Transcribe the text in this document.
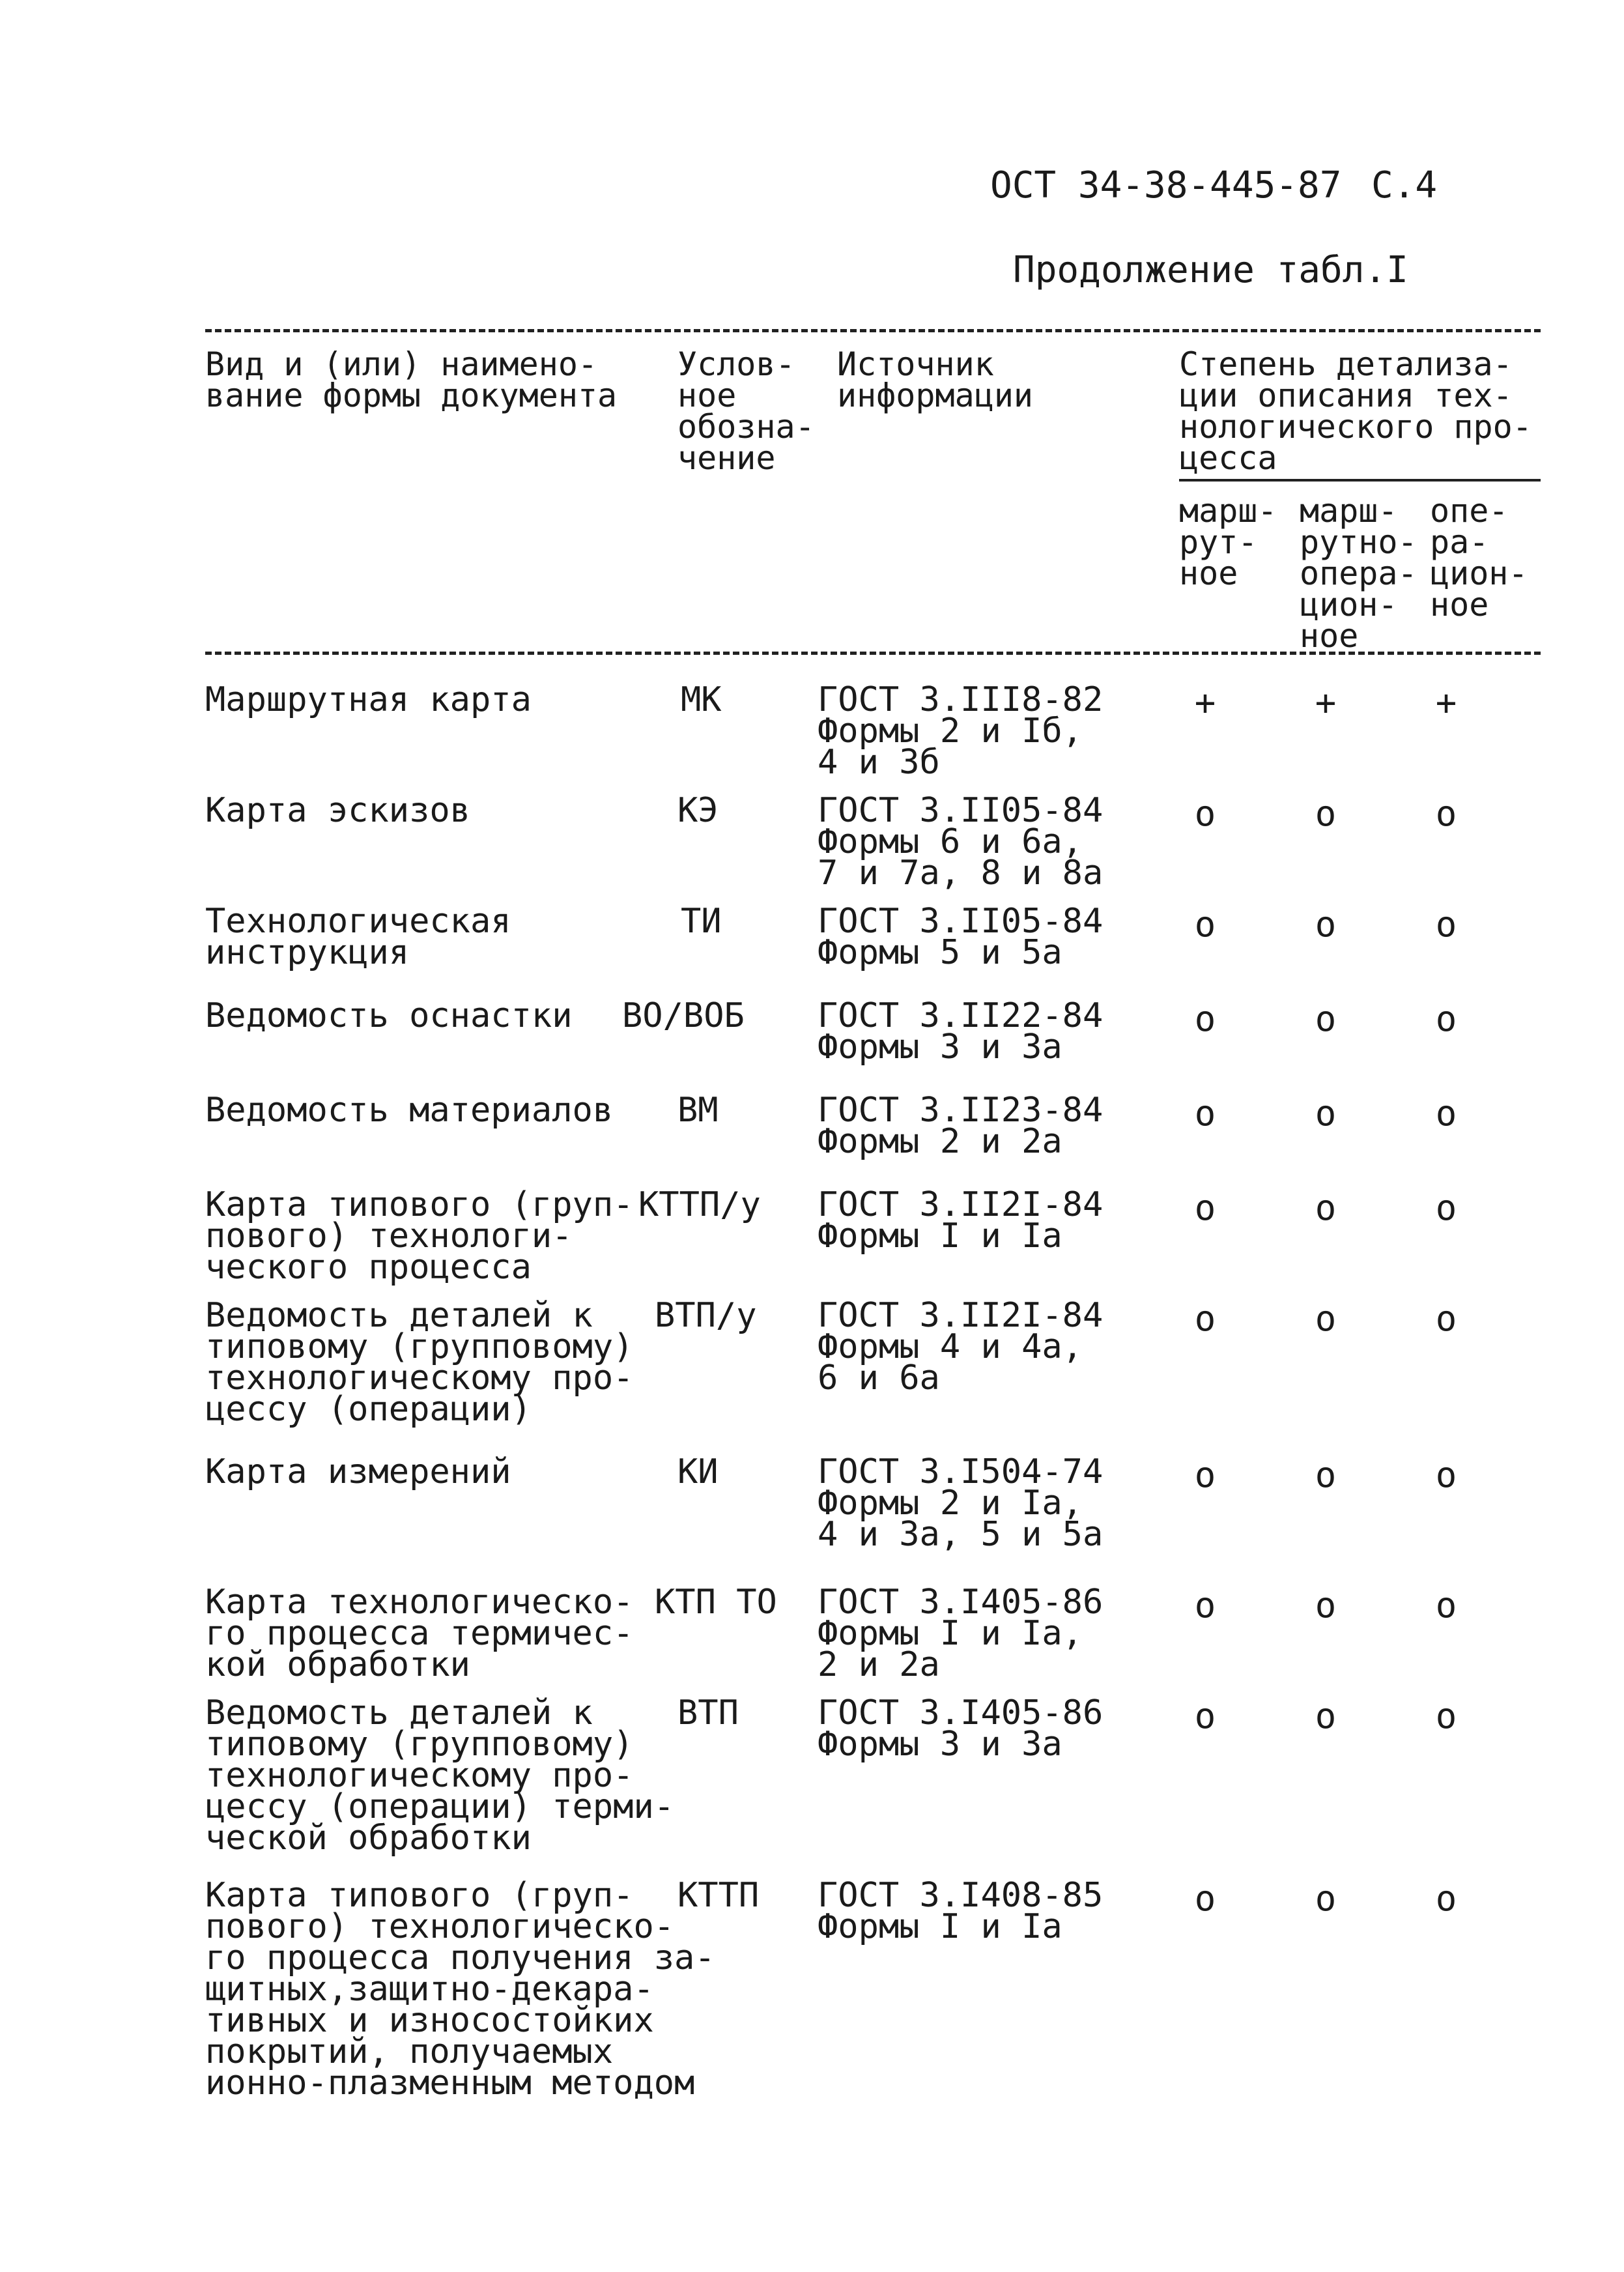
ОСТ 34-38-445-87 С.4
Продолжение табл.I
Вид и (или) наимено-
вание формы документа
Услов-
ное
обозна-
чение
Источник
информации
Степень детализа-
ции описания тех-
нологического про-
цесса
марш-
рут-
ное
марш-
рутно-
опера-
цион-
ное
опе-
ра-
цион-
ное
Маршрутная карта	МК	ГОСТ 3.III8-82
Формы 2 и Iб,
4 и 3б
+	+	+
Карта эскизов	КЭ	ГОСТ 3.II05-84
Формы 6 и 6а,
7 и 7а, 8 и 8а
о	о	о
Технологическая
инструкция
ТИ	ГОСТ 3.II05-84
Формы 5 и 5а
о	о	о
Ведомость оснастки ВО/ВОБ ГОСТ 3.II22-84
Формы 3 и 3а
о	о	о
Ведомость материалов ВМ	ГОСТ 3.II23-84
Формы 2 и 2а
о	о	о
Карта типового (груп-
пового) технологи-
ческого процесса
КТТП/у ГОСТ 3.II2I-84
Формы I и Iа
о	о	о
Ведомость деталей к
типовому (групповому)
технологическому про-
цессу (операции)
ВТП/у ГОСТ 3.II2I-84
Формы 4 и 4а,
6 и 6а
о	о	о
Карта измерений	КИ	ГОСТ 3.I504-74
Формы 2 и Iа,
4 и 3а, 5 и 5а
о	о	о
Карта технологическо-
го процесса термичес-
кой обработки
КТП ТО ГОСТ 3.I405-86
Формы I и Iа,
2 и 2а
о	о	о
Ведомость деталей к
типовому (групповому)
технологическому про-
цессу (операции) терми-
ческой обработки
ВТП ГОСТ 3.I405-86
Формы 3 и 3а
о	о	о
Карта типового (груп-
пового) технологическо-
го процесса получения за-
щитных,защитно-декара-
тивных и износостойких
покрытий, получаемых
ионно-плазменным методом
КТТП ГОСТ 3.I408-85
Формы I и Iа
о	о	о
